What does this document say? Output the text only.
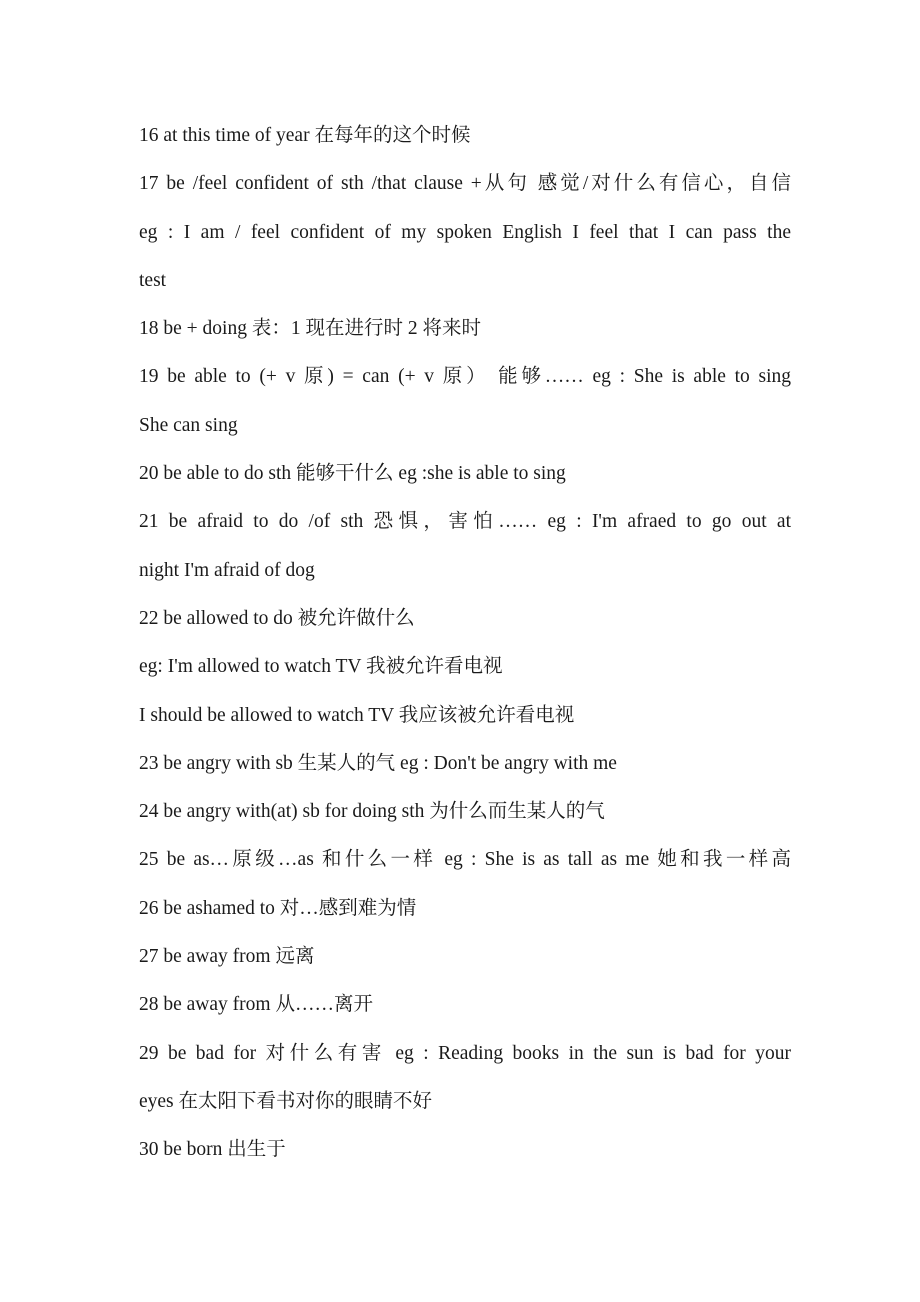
16 at this time of year 在每年的这个时候
17 be /feel confident of sth /that clause +从句 感觉/对什么有信心，自信
eg : I am / feel confident of my spoken English I feel that I can pass the
test
18 be + doing 表：1 现在进行时 2 将来时
19 be able to (+ v 原) = can (+ v 原） 能够…… eg : She is able to sing
She can sing
20 be able to do sth 能够干什么 eg :she is able to sing
21 be afraid to do /of sth 恐惧，害怕…… eg : I'm afraed to go out at
night I'm afraid of dog
22 be allowed to do 被允许做什么
eg: I'm allowed to watch TV 我被允许看电视
I should be allowed to watch TV 我应该被允许看电视
23 be angry with sb 生某人的气 eg : Don't be angry with me
24 be angry with(at) sb for doing sth 为什么而生某人的气
25 be as…原级…as 和什么一样 eg : She is as tall as me 她和我一样高
26 be ashamed to 对…感到难为情
27 be away from 远离
28 be away from 从……离开
29 be bad for 对什么有害 eg : Reading books in the sun is bad for your
eyes 在太阳下看书对你的眼睛不好
30 be born 出生于
